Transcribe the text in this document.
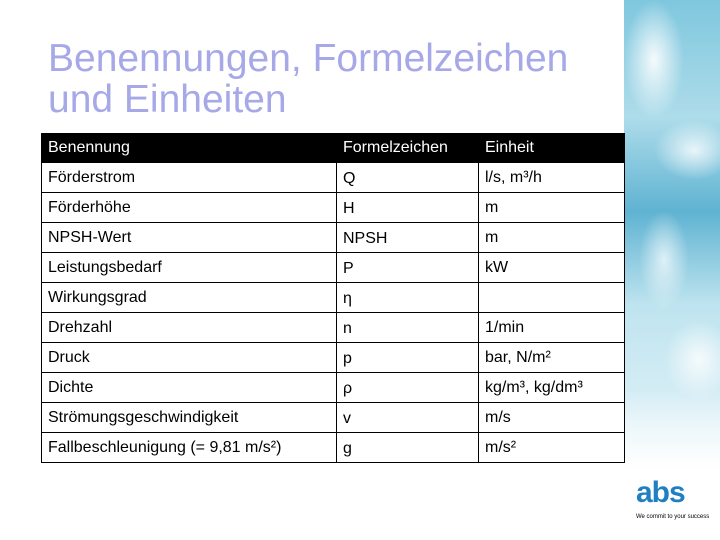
Benennungen, Formelzeichen und Einheiten
Benennung	Formelzeichen	Einheit
Förderstrom	Q	l/s, m³/h
Förderhöhe	H	m
NPSH-Wert	NPSH	m
Leistungsbedarf	P	kW
Wirkungsgrad	η	
Drehzahl	n	1/min
Druck	p	bar, N/m²
Dichte	ρ	kg/m³, kg/dm³
Strömungsgeschwindigkeit	v	m/s
Fallbeschleunigung (= 9,81 m/s²)	g	m/s²
abs
We commit to your success
